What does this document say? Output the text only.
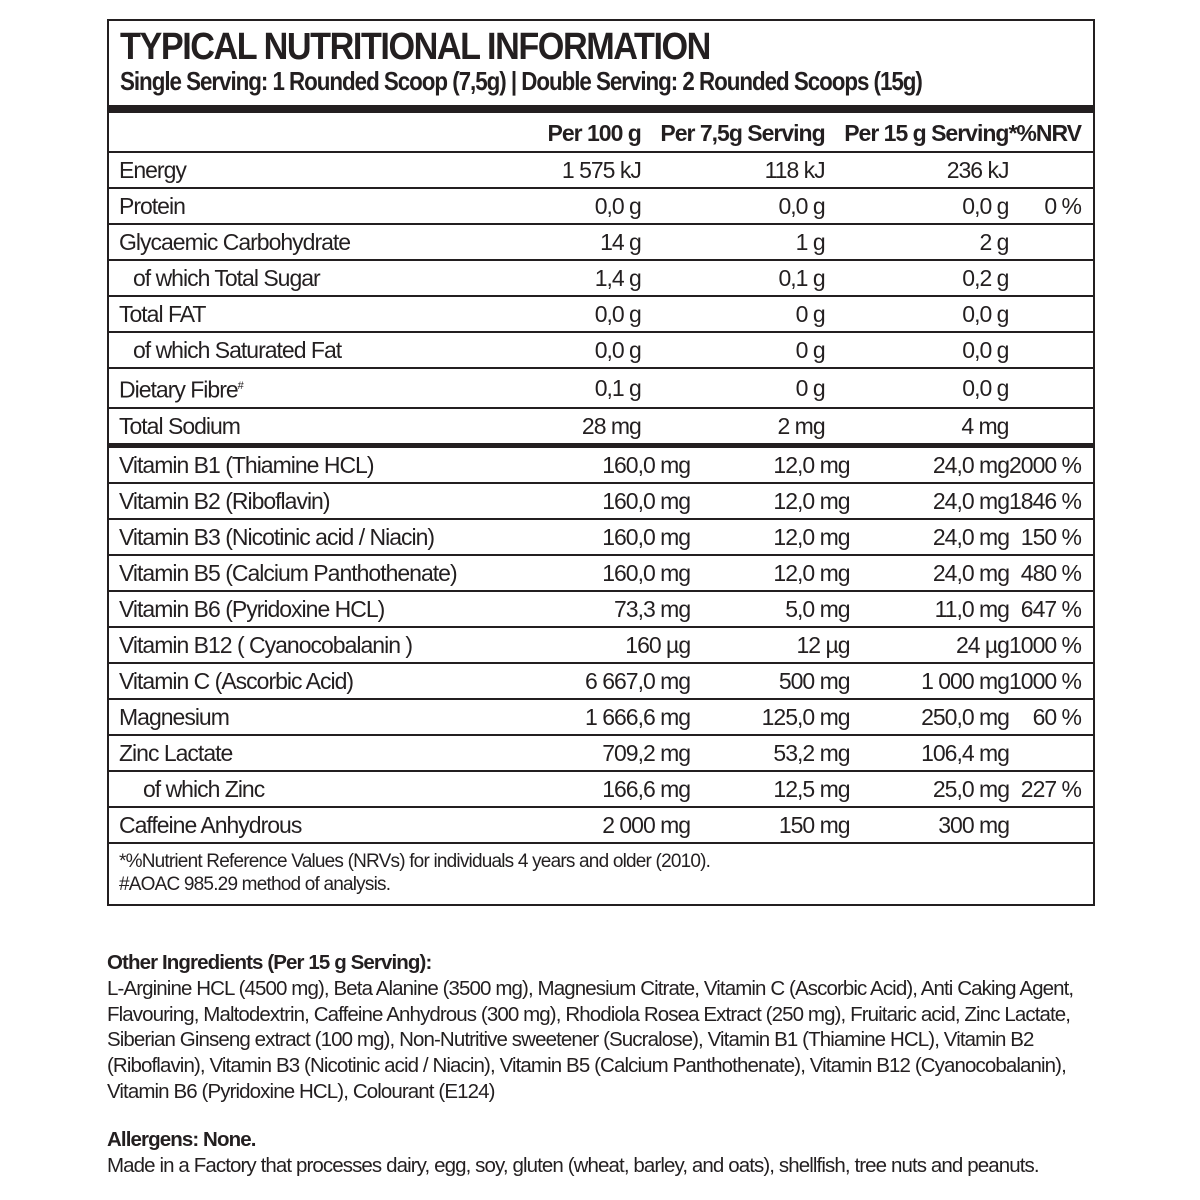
TYPICAL NUTRITIONAL INFORMATION
Single Serving: 1 Rounded Scoop (7,5g) | Double Serving: 2 Rounded Scoops (15g)
	Per 100 g	Per 7,5g Serving	Per 15 g Serving	*%NRV
Energy	1 575 kJ	118 kJ	236 kJ	
Protein	0,0 g	0,0 g	0,0 g	0 %
Glycaemic Carbohydrate	14 g	1 g	2 g	
of which Total Sugar	1,4 g	0,1 g	0,2 g	
Total FAT	0,0 g	0 g	0,0 g	
of which Saturated Fat	0,0 g	0 g	0,0 g	
Dietary Fibre#	0,1 g	0 g	0,0 g	
Total Sodium	28 mg	2 mg	4 mg	
Vitamin B1 (Thiamine HCL)	160,0 mg	12,0 mg	24,0 mg	2000 %
Vitamin B2 (Riboflavin)	160,0 mg	12,0 mg	24,0 mg	1846 %
Vitamin B3 (Nicotinic acid / Niacin)	160,0 mg	12,0 mg	24,0 mg	150 %
Vitamin B5 (Calcium Panthothenate)	160,0 mg	12,0 mg	24,0 mg	480 %
Vitamin B6 (Pyridoxine HCL)	73,3 mg	5,0 mg	11,0 mg	647 %
Vitamin B12 ( Cyanocobalanin )	160 µg	12 µg	24 µg	1000 %
Vitamin C (Ascorbic Acid)	6 667,0 mg	500 mg	1 000 mg	1000 %
Magnesium	1 666,6 mg	125,0 mg	250,0 mg	60 %
Zinc Lactate	709,2 mg	53,2 mg	106,4 mg	
of which Zinc	166,6 mg	12,5 mg	25,0 mg	227 %
Caffeine Anhydrous	2 000 mg	150 mg	300 mg	
*%Nutrient Reference Values (NRVs) for individuals 4 years and older (2010).
#AOAC 985.29 method of analysis.
Other Ingredients (Per 15 g Serving):
L-Arginine HCL (4500 mg), Beta Alanine (3500 mg), Magnesium Citrate, Vitamin C (Ascorbic Acid), Anti Caking Agent, Flavouring, Maltodextrin, Caffeine Anhydrous (300 mg), Rhodiola Rosea Extract (250 mg), Fruitaric acid, Zinc Lactate, Siberian Ginseng extract (100 mg), Non-Nutritive sweetener (Sucralose), Vitamin B1 (Thiamine HCL), Vitamin B2 (Riboflavin), Vitamin B3 (Nicotinic acid / Niacin), Vitamin B5 (Calcium Panthothenate), Vitamin B12 (Cyanocobalanin), Vitamin B6 (Pyridoxine HCL), Colourant (E124)
Allergens: None.
Made in a Factory that processes dairy, egg, soy, gluten (wheat, barley, and oats), shellfish, tree nuts and peanuts.
